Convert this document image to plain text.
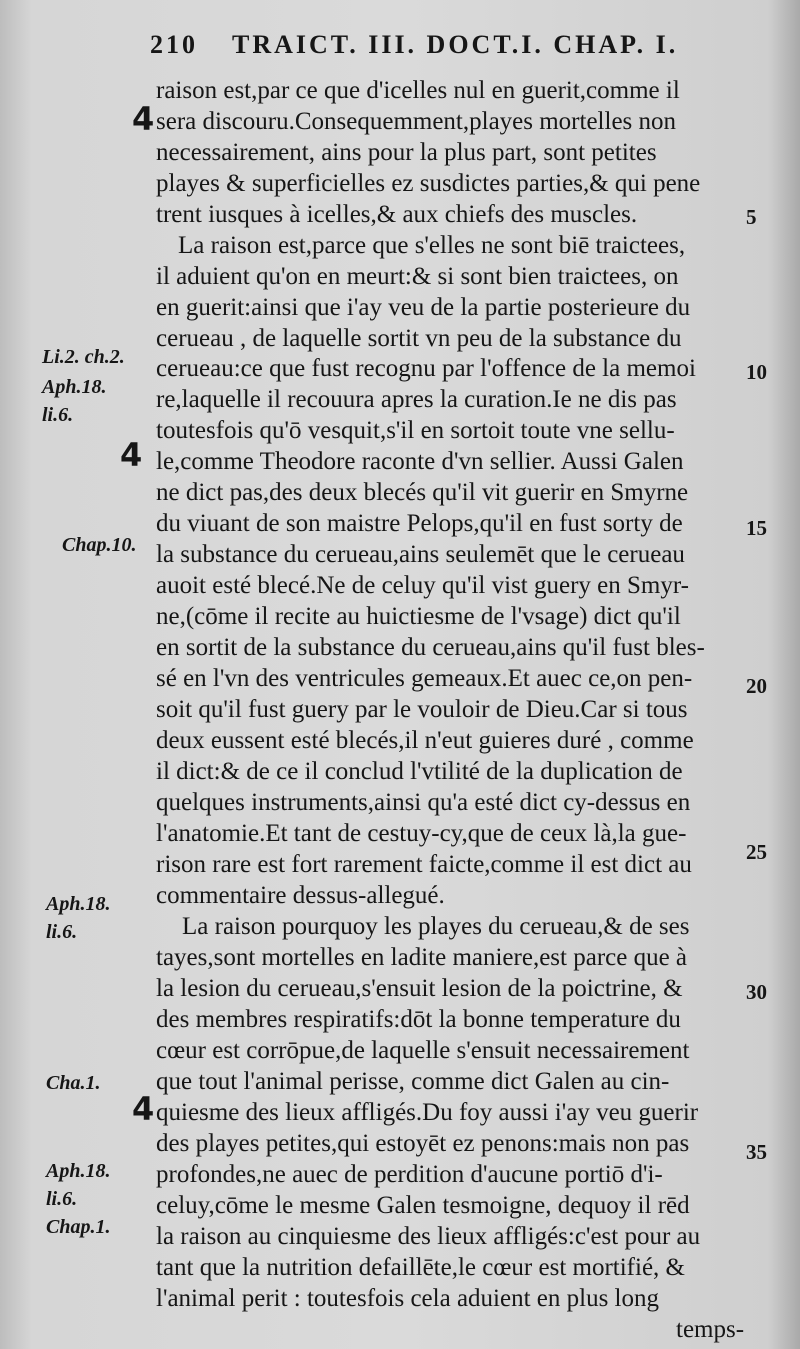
210 TRAICT. III. DOCT.I. CHAP. I.
raison est,par ce que d'icelles nul en guerit,comme il
sera discouru.Consequemment,playes mortelles non
necessairement, ains pour la plus part, sont petites
playes & superficielles ez susdictes parties,& qui pene
trent iusques à icelles,& aux chiefs des muscles.
La raison est,parce que s'elles ne sont biē traictees,
il aduient qu'on en meurt:& si sont bien traictees, on
en guerit:ainsi que i'ay veu de la partie posterieure du
cerueau , de laquelle sortit vn peu de la substance du
cerueau:ce que fust recognu par l'offence de la memoi
re,laquelle il recouura apres la curation.Ie ne dis pas
toutesfois qu'ō vesquit,s'il en sortoit toute vne sellu-
le,comme Theodore raconte d'vn sellier. Aussi Galen
ne dict pas,des deux blecés qu'il vit guerir en Smyrne
du viuant de son maistre Pelops,qu'il en fust sorty de
la substance du cerueau,ains seulemēt que le cerueau
auoit esté blecé.Ne de celuy qu'il vist guery en Smyr-
ne,(cōme il recite au huictiesme de l'vsage) dict qu'il
en sortit de la substance du cerueau,ains qu'il fust bles-
sé en l'vn des ventricules gemeaux.Et auec ce,on pen-
soit qu'il fust guery par le vouloir de Dieu.Car si tous
deux eussent esté blecés,il n'eut guieres duré , comme
il dict:& de ce il conclud l'vtilité de la duplication de
quelques instruments,ainsi qu'a esté dict cy-dessus en
l'anatomie.Et tant de cestuy-cy,que de ceux là,la gue-
rison rare est fort rarement faicte,comme il est dict au
commentaire dessus-allegué.
La raison pourquoy les playes du cerueau,& de ses
tayes,sont mortelles en ladite maniere,est parce que à
la lesion du cerueau,s'ensuit lesion de la poictrine, &
des membres respiratifs:dōt la bonne temperature du
cœur est corrōpue,de laquelle s'ensuit necessairement
que tout l'animal perisse, comme dict Galen au cin-
quiesme des lieux affligés.Du foy aussi i'ay veu guerir
des playes petites,qui estoyēt ez penons:mais non pas
profondes,ne auec de perdition d'aucune portiō d'i-
celuy,cōme le mesme Galen tesmoigne, dequoy il rēd
la raison au cinquiesme des lieux affligés:c'est pour au
tant que la nutrition defaillēte,le cœur est mortifié, &
l'animal perit : toutesfois cela aduient en plus long
temps-
5
10
15
20
25
30
35
Li.2. ch.2.
Aph.18.
li.6.
Chap.10.
Aph.18.
li.6.
Cha.1.
Aph.18.
li.6.
Chap.1.
4
4
4
